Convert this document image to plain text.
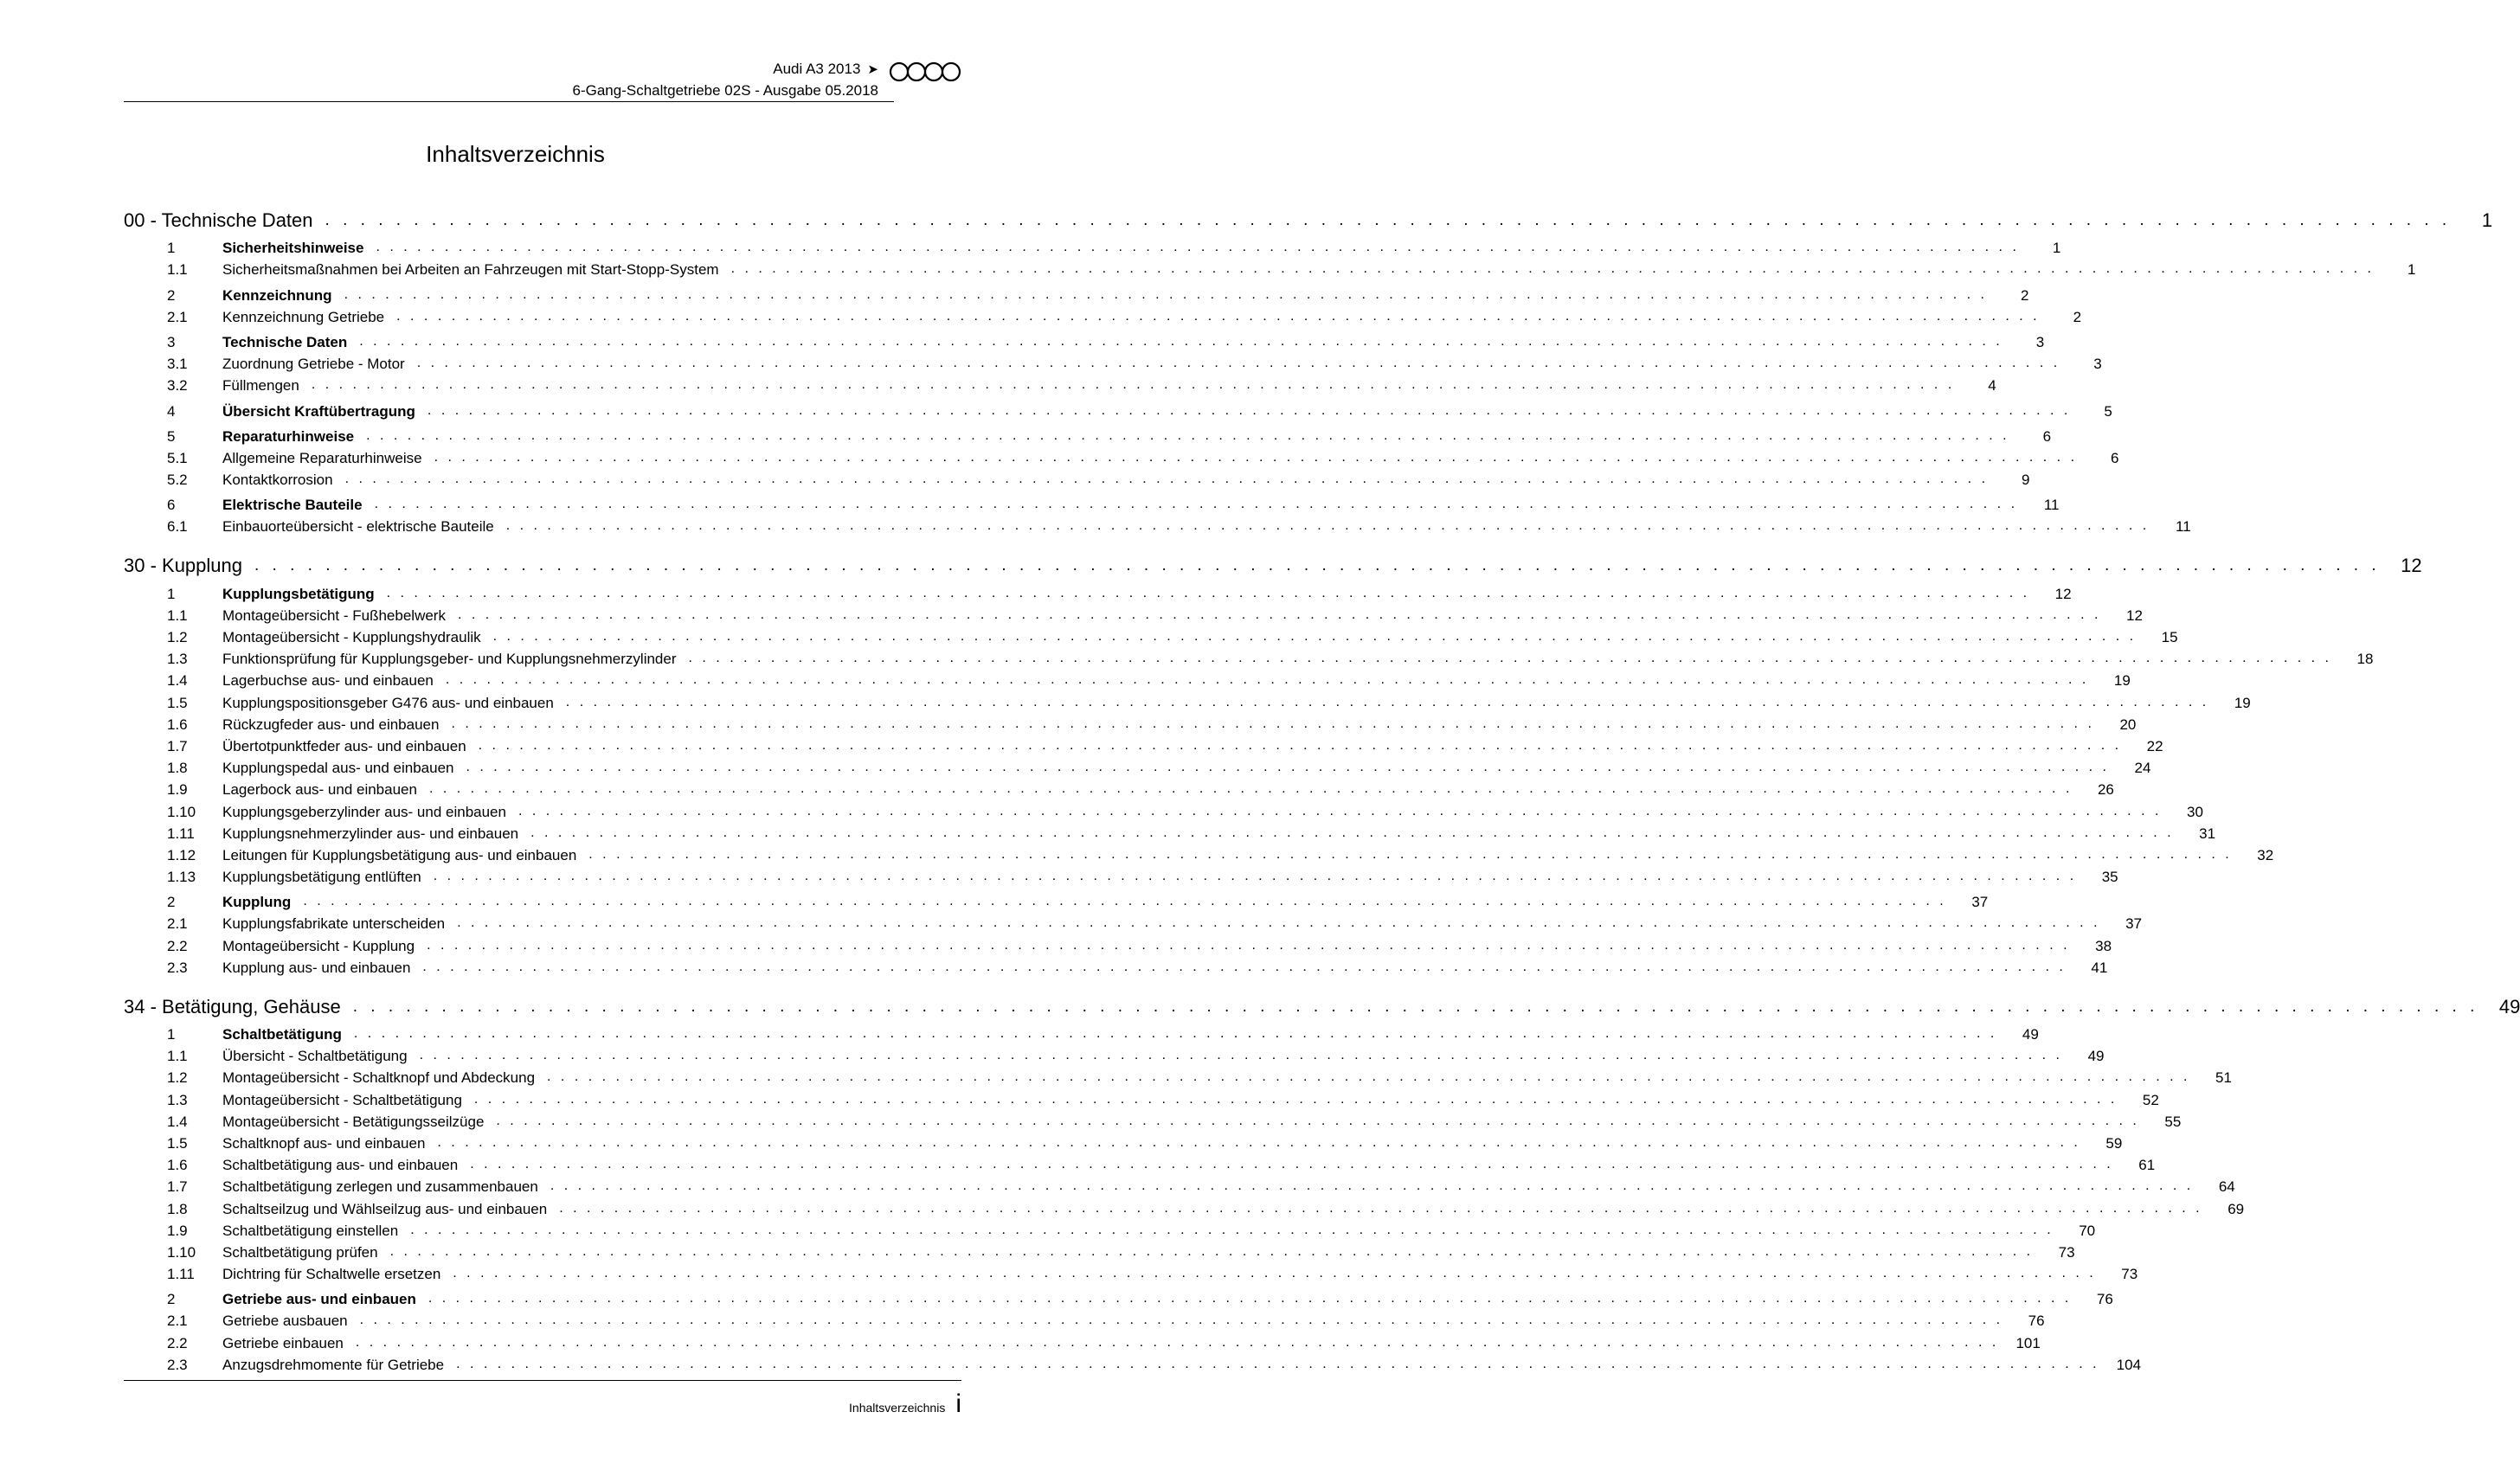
Audi A3 2013 ➤
6-Gang-Schaltgetriebe 02S - Ausgabe 05.2018
Inhaltsverzeichnis
00 - Technische Daten . . . . . . . . . . . . . . . . . . . . . . . . . . . . . . . . . . . . . . . . . . . . . . . . . . . . . . . . . . . . . . . . . . . . . . . . . . . . . . . . . . . . . . . . . . . . . . . . . . . . . . . . . . . . . . . . . . . . . . . .	1
1	Sicherheitshinweise . . . . . . . . . . . . . . . . . . . . . . . . . . . . . . . . . . . . . . . . . . . . . . . . . . . . . . . . . . . . . . . . . . . . . . . . . . . . . . . . . . . . . . . . . . . . . . . . . . . . . . . . . . . . . . . . . . . . . . . .	1
1.1	Sicherheitsmaßnahmen bei Arbeiten an Fahrzeugen mit Start-Stopp-System . . . . . . . . . . . . . . . . . . . . . . . . . . . . . . . . . . . . . . . . . . . . . . . . . . . . . . . . . . . . . . . . . . . . . . . . . . . . . . . . . . . . . . . . . . . . . . . . . . . . . . . . . . . . . . . . . . . . . . . .	1
2	Kennzeichnung . . . . . . . . . . . . . . . . . . . . . . . . . . . . . . . . . . . . . . . . . . . . . . . . . . . . . . . . . . . . . . . . . . . . . . . . . . . . . . . . . . . . . . . . . . . . . . . . . . . . . . . . . . . . . . . . . . . . . . . .	2
2.1	Kennzeichnung Getriebe . . . . . . . . . . . . . . . . . . . . . . . . . . . . . . . . . . . . . . . . . . . . . . . . . . . . . . . . . . . . . . . . . . . . . . . . . . . . . . . . . . . . . . . . . . . . . . . . . . . . . . . . . . . . . . . . . . . . . . . .	2
3	Technische Daten . . . . . . . . . . . . . . . . . . . . . . . . . . . . . . . . . . . . . . . . . . . . . . . . . . . . . . . . . . . . . . . . . . . . . . . . . . . . . . . . . . . . . . . . . . . . . . . . . . . . . . . . . . . . . . . . . . . . . . . .	3
3.1	Zuordnung Getriebe - Motor . . . . . . . . . . . . . . . . . . . . . . . . . . . . . . . . . . . . . . . . . . . . . . . . . . . . . . . . . . . . . . . . . . . . . . . . . . . . . . . . . . . . . . . . . . . . . . . . . . . . . . . . . . . . . . . . . . . . . . . .	3
3.2	Füllmengen . . . . . . . . . . . . . . . . . . . . . . . . . . . . . . . . . . . . . . . . . . . . . . . . . . . . . . . . . . . . . . . . . . . . . . . . . . . . . . . . . . . . . . . . . . . . . . . . . . . . . . . . . . . . . . . . . . . . . . . .	4
4	Übersicht Kraftübertragung . . . . . . . . . . . . . . . . . . . . . . . . . . . . . . . . . . . . . . . . . . . . . . . . . . . . . . . . . . . . . . . . . . . . . . . . . . . . . . . . . . . . . . . . . . . . . . . . . . . . . . . . . . . . . . . . . . . . . . . .	5
5	Reparaturhinweise . . . . . . . . . . . . . . . . . . . . . . . . . . . . . . . . . . . . . . . . . . . . . . . . . . . . . . . . . . . . . . . . . . . . . . . . . . . . . . . . . . . . . . . . . . . . . . . . . . . . . . . . . . . . . . . . . . . . . . . .	6
5.1	Allgemeine Reparaturhinweise . . . . . . . . . . . . . . . . . . . . . . . . . . . . . . . . . . . . . . . . . . . . . . . . . . . . . . . . . . . . . . . . . . . . . . . . . . . . . . . . . . . . . . . . . . . . . . . . . . . . . . . . . . . . . . . . . . . . . . . .	6
5.2	Kontaktkorrosion . . . . . . . . . . . . . . . . . . . . . . . . . . . . . . . . . . . . . . . . . . . . . . . . . . . . . . . . . . . . . . . . . . . . . . . . . . . . . . . . . . . . . . . . . . . . . . . . . . . . . . . . . . . . . . . . . . . . . . . .	9
6	Elektrische Bauteile . . . . . . . . . . . . . . . . . . . . . . . . . . . . . . . . . . . . . . . . . . . . . . . . . . . . . . . . . . . . . . . . . . . . . . . . . . . . . . . . . . . . . . . . . . . . . . . . . . . . . . . . . . . . . . . . . . . . . . . .	11
6.1	Einbauorteübersicht - elektrische Bauteile . . . . . . . . . . . . . . . . . . . . . . . . . . . . . . . . . . . . . . . . . . . . . . . . . . . . . . . . . . . . . . . . . . . . . . . . . . . . . . . . . . . . . . . . . . . . . . . . . . . . . . . . . . . . . . . . . . . . . . . .	11
30 - Kupplung . . . . . . . . . . . . . . . . . . . . . . . . . . . . . . . . . . . . . . . . . . . . . . . . . . . . . . . . . . . . . . . . . . . . . . . . . . . . . . . . . . . . . . . . . . . . . . . . . . . . . . . . . . . . . . . . . . . . . . . .	12
1	Kupplungsbetätigung . . . . . . . . . . . . . . . . . . . . . . . . . . . . . . . . . . . . . . . . . . . . . . . . . . . . . . . . . . . . . . . . . . . . . . . . . . . . . . . . . . . . . . . . . . . . . . . . . . . . . . . . . . . . . . . . . . . . . . . .	12
1.1	Montageübersicht - Fußhebelwerk . . . . . . . . . . . . . . . . . . . . . . . . . . . . . . . . . . . . . . . . . . . . . . . . . . . . . . . . . . . . . . . . . . . . . . . . . . . . . . . . . . . . . . . . . . . . . . . . . . . . . . . . . . . . . . . . . . . . . . . .	12
1.2	Montageübersicht - Kupplungshydraulik . . . . . . . . . . . . . . . . . . . . . . . . . . . . . . . . . . . . . . . . . . . . . . . . . . . . . . . . . . . . . . . . . . . . . . . . . . . . . . . . . . . . . . . . . . . . . . . . . . . . . . . . . . . . . . . . . . . . . . . .	15
1.3	Funktionsprüfung für Kupplungsgeber- und Kupplungsnehmerzylinder . . . . . . . . . . . . . . . . . . . . . . . . . . . . . . . . . . . . . . . . . . . . . . . . . . . . . . . . . . . . . . . . . . . . . . . . . . . . . . . . . . . . . . . . . . . . . . . . . . . . . . . . . . . . . . . . . . . . . . . .	18
1.4	Lagerbuchse aus- und einbauen . . . . . . . . . . . . . . . . . . . . . . . . . . . . . . . . . . . . . . . . . . . . . . . . . . . . . . . . . . . . . . . . . . . . . . . . . . . . . . . . . . . . . . . . . . . . . . . . . . . . . . . . . . . . . . . . . . . . . . . .	19
1.5	Kupplungspositionsgeber G476 aus- und einbauen . . . . . . . . . . . . . . . . . . . . . . . . . . . . . . . . . . . . . . . . . . . . . . . . . . . . . . . . . . . . . . . . . . . . . . . . . . . . . . . . . . . . . . . . . . . . . . . . . . . . . . . . . . . . . . . . . . . . . . . .	19
1.6	Rückzugfeder aus- und einbauen . . . . . . . . . . . . . . . . . . . . . . . . . . . . . . . . . . . . . . . . . . . . . . . . . . . . . . . . . . . . . . . . . . . . . . . . . . . . . . . . . . . . . . . . . . . . . . . . . . . . . . . . . . . . . . . . . . . . . . . .	20
1.7	Übertotpunktfeder aus- und einbauen . . . . . . . . . . . . . . . . . . . . . . . . . . . . . . . . . . . . . . . . . . . . . . . . . . . . . . . . . . . . . . . . . . . . . . . . . . . . . . . . . . . . . . . . . . . . . . . . . . . . . . . . . . . . . . . . . . . . . . . .	22
1.8	Kupplungspedal aus- und einbauen . . . . . . . . . . . . . . . . . . . . . . . . . . . . . . . . . . . . . . . . . . . . . . . . . . . . . . . . . . . . . . . . . . . . . . . . . . . . . . . . . . . . . . . . . . . . . . . . . . . . . . . . . . . . . . . . . . . . . . . .	24
1.9	Lagerbock aus- und einbauen . . . . . . . . . . . . . . . . . . . . . . . . . . . . . . . . . . . . . . . . . . . . . . . . . . . . . . . . . . . . . . . . . . . . . . . . . . . . . . . . . . . . . . . . . . . . . . . . . . . . . . . . . . . . . . . . . . . . . . . .	26
1.10	Kupplungsgeberzylinder aus- und einbauen . . . . . . . . . . . . . . . . . . . . . . . . . . . . . . . . . . . . . . . . . . . . . . . . . . . . . . . . . . . . . . . . . . . . . . . . . . . . . . . . . . . . . . . . . . . . . . . . . . . . . . . . . . . . . . . . . . . . . . . .	30
1.11	Kupplungsnehmerzylinder aus- und einbauen . . . . . . . . . . . . . . . . . . . . . . . . . . . . . . . . . . . . . . . . . . . . . . . . . . . . . . . . . . . . . . . . . . . . . . . . . . . . . . . . . . . . . . . . . . . . . . . . . . . . . . . . . . . . . . . . . . . . . . . .	31
1.12	Leitungen für Kupplungsbetätigung aus- und einbauen . . . . . . . . . . . . . . . . . . . . . . . . . . . . . . . . . . . . . . . . . . . . . . . . . . . . . . . . . . . . . . . . . . . . . . . . . . . . . . . . . . . . . . . . . . . . . . . . . . . . . . . . . . . . . . . . . . . . . . . .	32
1.13	Kupplungsbetätigung entlüften . . . . . . . . . . . . . . . . . . . . . . . . . . . . . . . . . . . . . . . . . . . . . . . . . . . . . . . . . . . . . . . . . . . . . . . . . . . . . . . . . . . . . . . . . . . . . . . . . . . . . . . . . . . . . . . . . . . . . . . .	35
2	Kupplung . . . . . . . . . . . . . . . . . . . . . . . . . . . . . . . . . . . . . . . . . . . . . . . . . . . . . . . . . . . . . . . . . . . . . . . . . . . . . . . . . . . . . . . . . . . . . . . . . . . . . . . . . . . . . . . . . . . . . . . .	37
2.1	Kupplungsfabrikate unterscheiden . . . . . . . . . . . . . . . . . . . . . . . . . . . . . . . . . . . . . . . . . . . . . . . . . . . . . . . . . . . . . . . . . . . . . . . . . . . . . . . . . . . . . . . . . . . . . . . . . . . . . . . . . . . . . . . . . . . . . . . .	37
2.2	Montageübersicht - Kupplung . . . . . . . . . . . . . . . . . . . . . . . . . . . . . . . . . . . . . . . . . . . . . . . . . . . . . . . . . . . . . . . . . . . . . . . . . . . . . . . . . . . . . . . . . . . . . . . . . . . . . . . . . . . . . . . . . . . . . . . .	38
2.3	Kupplung aus- und einbauen . . . . . . . . . . . . . . . . . . . . . . . . . . . . . . . . . . . . . . . . . . . . . . . . . . . . . . . . . . . . . . . . . . . . . . . . . . . . . . . . . . . . . . . . . . . . . . . . . . . . . . . . . . . . . . . . . . . . . . . .	41
34 - Betätigung, Gehäuse . . . . . . . . . . . . . . . . . . . . . . . . . . . . . . . . . . . . . . . . . . . . . . . . . . . . . . . . . . . . . . . . . . . . . . . . . . . . . . . . . . . . . . . . . . . . . . . . . . . . . . . . . . . . . . . . . . . . . . . .	49
1	Schaltbetätigung . . . . . . . . . . . . . . . . . . . . . . . . . . . . . . . . . . . . . . . . . . . . . . . . . . . . . . . . . . . . . . . . . . . . . . . . . . . . . . . . . . . . . . . . . . . . . . . . . . . . . . . . . . . . . . . . . . . . . . . .	49
1.1	Übersicht - Schaltbetätigung . . . . . . . . . . . . . . . . . . . . . . . . . . . . . . . . . . . . . . . . . . . . . . . . . . . . . . . . . . . . . . . . . . . . . . . . . . . . . . . . . . . . . . . . . . . . . . . . . . . . . . . . . . . . . . . . . . . . . . . .	49
1.2	Montageübersicht - Schaltknopf und Abdeckung . . . . . . . . . . . . . . . . . . . . . . . . . . . . . . . . . . . . . . . . . . . . . . . . . . . . . . . . . . . . . . . . . . . . . . . . . . . . . . . . . . . . . . . . . . . . . . . . . . . . . . . . . . . . . . . . . . . . . . . .	51
1.3	Montageübersicht - Schaltbetätigung . . . . . . . . . . . . . . . . . . . . . . . . . . . . . . . . . . . . . . . . . . . . . . . . . . . . . . . . . . . . . . . . . . . . . . . . . . . . . . . . . . . . . . . . . . . . . . . . . . . . . . . . . . . . . . . . . . . . . . . .	52
1.4	Montageübersicht - Betätigungsseilzüge . . . . . . . . . . . . . . . . . . . . . . . . . . . . . . . . . . . . . . . . . . . . . . . . . . . . . . . . . . . . . . . . . . . . . . . . . . . . . . . . . . . . . . . . . . . . . . . . . . . . . . . . . . . . . . . . . . . . . . . .	55
1.5	Schaltknopf aus- und einbauen . . . . . . . . . . . . . . . . . . . . . . . . . . . . . . . . . . . . . . . . . . . . . . . . . . . . . . . . . . . . . . . . . . . . . . . . . . . . . . . . . . . . . . . . . . . . . . . . . . . . . . . . . . . . . . . . . . . . . . . .	59
1.6	Schaltbetätigung aus- und einbauen . . . . . . . . . . . . . . . . . . . . . . . . . . . . . . . . . . . . . . . . . . . . . . . . . . . . . . . . . . . . . . . . . . . . . . . . . . . . . . . . . . . . . . . . . . . . . . . . . . . . . . . . . . . . . . . . . . . . . . . .	61
1.7	Schaltbetätigung zerlegen und zusammenbauen . . . . . . . . . . . . . . . . . . . . . . . . . . . . . . . . . . . . . . . . . . . . . . . . . . . . . . . . . . . . . . . . . . . . . . . . . . . . . . . . . . . . . . . . . . . . . . . . . . . . . . . . . . . . . . . . . . . . . . . .	64
1.8	Schaltseilzug und Wählseilzug aus- und einbauen . . . . . . . . . . . . . . . . . . . . . . . . . . . . . . . . . . . . . . . . . . . . . . . . . . . . . . . . . . . . . . . . . . . . . . . . . . . . . . . . . . . . . . . . . . . . . . . . . . . . . . . . . . . . . . . . . . . . . . . .	69
1.9	Schaltbetätigung einstellen . . . . . . . . . . . . . . . . . . . . . . . . . . . . . . . . . . . . . . . . . . . . . . . . . . . . . . . . . . . . . . . . . . . . . . . . . . . . . . . . . . . . . . . . . . . . . . . . . . . . . . . . . . . . . . . . . . . . . . . .	70
1.10	Schaltbetätigung prüfen . . . . . . . . . . . . . . . . . . . . . . . . . . . . . . . . . . . . . . . . . . . . . . . . . . . . . . . . . . . . . . . . . . . . . . . . . . . . . . . . . . . . . . . . . . . . . . . . . . . . . . . . . . . . . . . . . . . . . . . .	73
1.11	Dichtring für Schaltwelle ersetzen . . . . . . . . . . . . . . . . . . . . . . . . . . . . . . . . . . . . . . . . . . . . . . . . . . . . . . . . . . . . . . . . . . . . . . . . . . . . . . . . . . . . . . . . . . . . . . . . . . . . . . . . . . . . . . . . . . . . . . . .	73
2	Getriebe aus- und einbauen . . . . . . . . . . . . . . . . . . . . . . . . . . . . . . . . . . . . . . . . . . . . . . . . . . . . . . . . . . . . . . . . . . . . . . . . . . . . . . . . . . . . . . . . . . . . . . . . . . . . . . . . . . . . . . . . . . . . . . . .	76
2.1	Getriebe ausbauen . . . . . . . . . . . . . . . . . . . . . . . . . . . . . . . . . . . . . . . . . . . . . . . . . . . . . . . . . . . . . . . . . . . . . . . . . . . . . . . . . . . . . . . . . . . . . . . . . . . . . . . . . . . . . . . . . . . . . . . .	76
2.2	Getriebe einbauen . . . . . . . . . . . . . . . . . . . . . . . . . . . . . . . . . . . . . . . . . . . . . . . . . . . . . . . . . . . . . . . . . . . . . . . . . . . . . . . . . . . . . . . . . . . . . . . . . . . . . . . . . . . . . . . . . . . . . . . .	101
2.3	Anzugsdrehmomente für Getriebe . . . . . . . . . . . . . . . . . . . . . . . . . . . . . . . . . . . . . . . . . . . . . . . . . . . . . . . . . . . . . . . . . . . . . . . . . . . . . . . . . . . . . . . . . . . . . . . . . . . . . . . . . . . . . . . . . . . . . . . .	104
Inhaltsverzeichnis i
